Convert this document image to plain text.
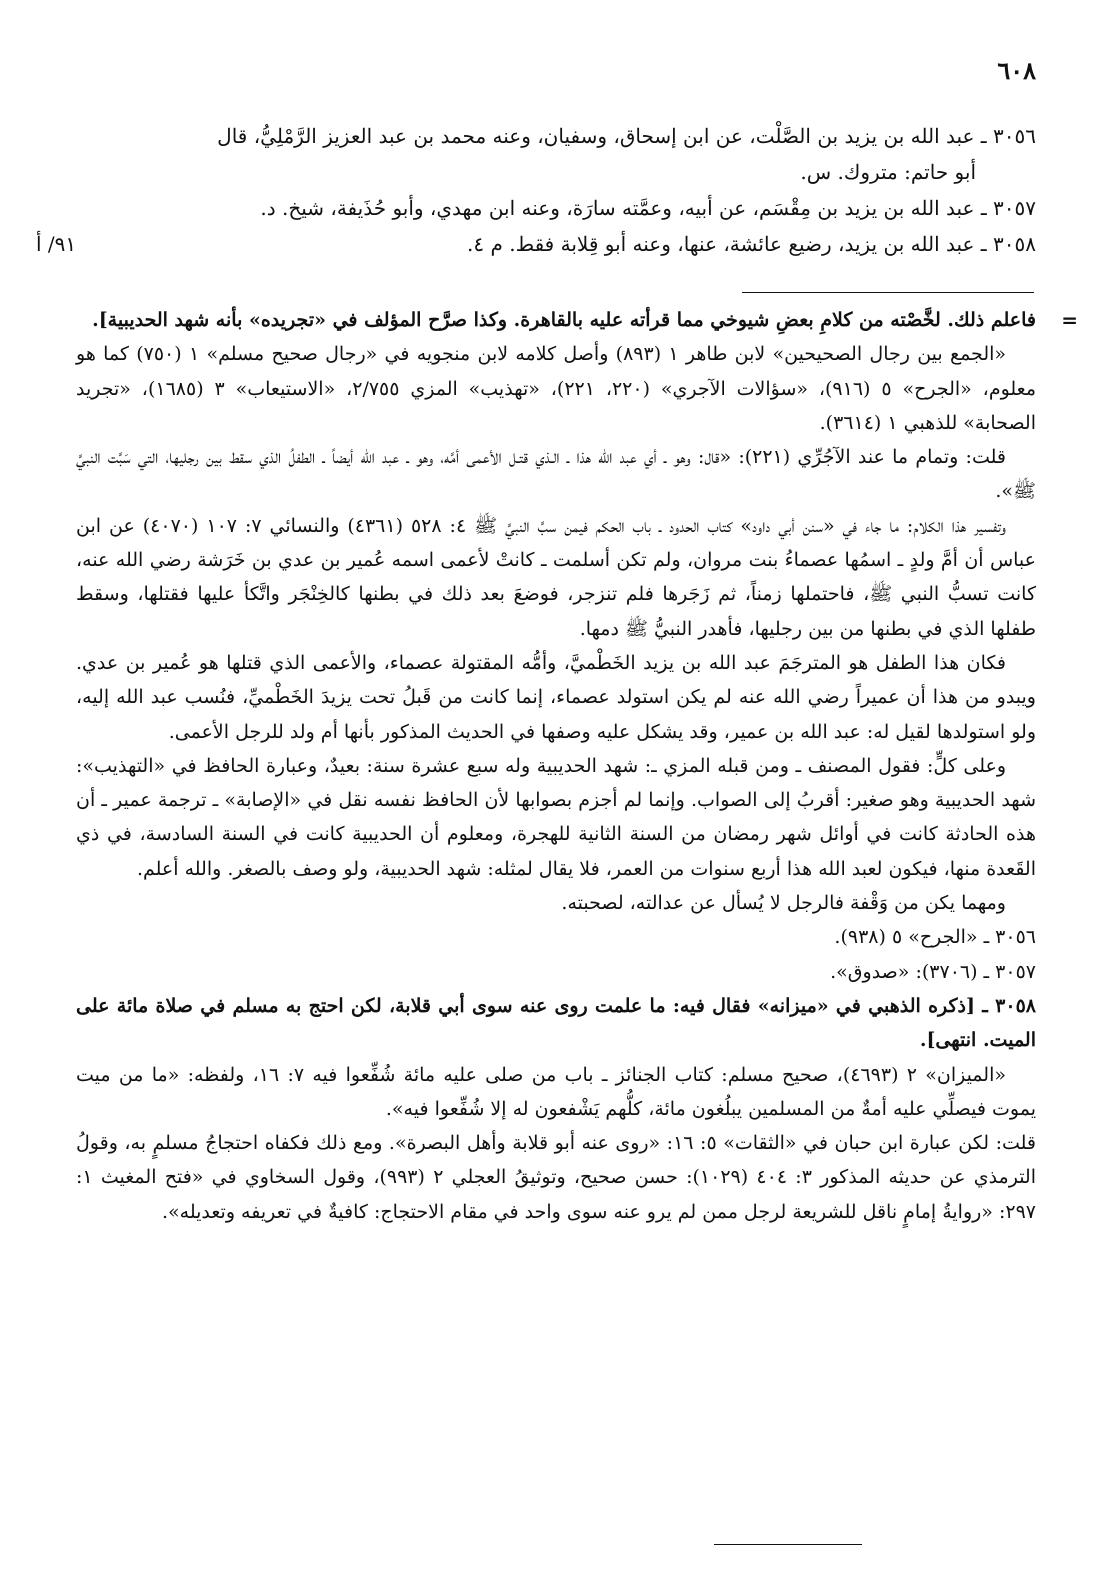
٦٠٨
٣٠٥٦ ـ عبد الله بن يزيد بن الصَّلْت، عن ابن إسحاق، وسفيان، وعنه محمد بن عبد العزيز الرَّمْلِيُّ، قال
أبو حاتم: متروك. س.
٣٠٥٧ ـ عبد الله بن يزيد بن مِقْسَم، عن أبيه، وعمَّته سارَة، وعنه ابن مهدي، وأبو حُذَيفة، شيخ. د.
٣٠٥٨ ـ عبد الله بن يزيد، رضيع عائشة، عنها، وعنه أبو قِلابة فقط. م ٤.
٩١/ أ

فاعلم ذلك. لخَّصْته من كلامِ بعضِ شيوخي مما قرأته عليه بالقاهرة. وكذا صرَّح المؤلف في «تجريده» بأنه شهد الحديبية]. =

«الجمع بين رجال الصحيحين» لابن طاهر ١ (٨٩٣) وأصل كلامه لابن منجويه في «رجال صحيح مسلم» ١ (٧٥٠) كما هو معلوم، «الجرح» ٥ (٩١٦)، «سؤالات الآجري» (٢٢٠، ٢٢١)، «تهذيب» المزي ٢/٧٥٥، «الاستيعاب» ٣ (١٦٨٥)، «تجريد الصحابة» للذهبي ١ (٣٦١٤).

قلت: وتمام ما عند الآجُرِّي (٢٢١): «قال: وهو ـ أي عبد الله هذا ـ الـذي قتـل الأعمى أمَّه، وهو ـ عبد الله أيضاً ـ الطفلُ الذي سقط بين رجليها، التي سَبَّت النبيَّ ﷺ».

وتفسير هذا الكلام: ما جاء في «سنن أبي داود» كتاب الحدود ـ باب الحكم فيمن سبَّ النبيَّ ﷺ ٤: ٥٢٨ (٤٣٦١) والنسائي ٧: ١٠٧ (٤٠٧٠) عن ابن عباس أن أمَّ ولدٍ ـ اسمُها عصماءُ بنت مروان، ولم تكن أسلمت ـ كانتْ لأعمى اسمه عُمير بن عدي بن خَرَشة رضي الله عنه، كانت تسبُّ النبي ﷺ، فاحتملها زمناً، ثم زَجَرها فلم تنزجر، فوضعَ بعد ذلك في بطنها كالخِنْجَر واتَّكأ عليها فقتلها، وسقط طفلها الذي في بطنها من بين رجليها، فأهدر النبيُّ ﷺ دمها.

فكان هذا الطفل هو المترجَمَ عبد الله بن يزيد الخَطْميَّ، وأمُّه المقتولة عصماء، والأعمى الذي قتلها هو عُمير بن عدي. ويبدو من هذا أن عميراً رضي الله عنه لم يكن استولد عصماء، إنما كانت من قَبلُ تحت يزيدَ الخَطْميِّ، فنُسب عبد الله إليه، ولو استولدها لقيل له: عبد الله بن عمير، وقد يشكل عليه وصفها في الحديث المذكور بأنها أم ولد للرجل الأعمى.

وعلى كلٍّ: فقول المصنف ـ ومن قبله المزي ـ: شهد الحديبية وله سبع عشرة سنة: بعيدٌ، وعبارة الحافظ في «التهذيب»: شهد الحديبية وهو صغير: أقربُ إلى الصواب. وإنما لم أجزم بصوابها لأن الحافظ نفسه نقل في «الإصابة» ـ ترجمة عمير ـ أن هذه الحادثة كانت في أوائل شهر رمضان من السنة الثانية للهجرة، ومعلوم أن الحديبية كانت في السنة السادسة، في ذي القَعدة منها، فيكون لعبد الله هذا أربع سنوات من العمر، فلا يقال لمثله: شهد الحديبية، ولو وصف بالصغر. والله أعلم.

ومهما يكن من وَقْفة فالرجل لا يُسأل عن عدالته، لصحبته.

٣٠٥٦ ـ «الجرح» ٥ (٩٣٨).

٣٠٥٧ ـ (٣٧٠٦): «صدوق».

٣٠٥٨ ـ [ذكره الذهبي في «ميزانه» فقال فيه: ما علمت روى عنه سوى أبي قلابة، لكن احتج به مسلم في صلاة مائة على الميت. انتهى].

«الميزان» ٢ (٤٦٩٣)، صحيح مسلم: كتاب الجنائز ـ باب من صلى عليه مائة شُفِّعوا فيه ٧: ١٦، ولفظه: «ما من ميت يموت فيصلِّي عليه أمةٌ من المسلمين يبلُغون مائة، كلُّهم يَشْفعون له إلا شُفِّعوا فيه».

قلت: لكن عبارة ابن حبان في «الثقات» ٥: ١٦: «روى عنه أبو قلابة وأهل البصرة». ومع ذلك فكفاه احتجاجُ مسلمٍ به، وقولُ الترمذي عن حديثه المذكور ٣: ٤٠٤ (١٠٢٩): حسن صحيح، وتوثيقُ العجلي ٢ (٩٩٣)، وقول السخاوي في «فتح المغيث ١: ٢٩٧: «روايةُ إمامٍ ناقل للشريعة لرجل ممن لم يرو عنه سوى واحد في مقام الاحتجاج: كافيةٌ في تعريفه وتعديله».
